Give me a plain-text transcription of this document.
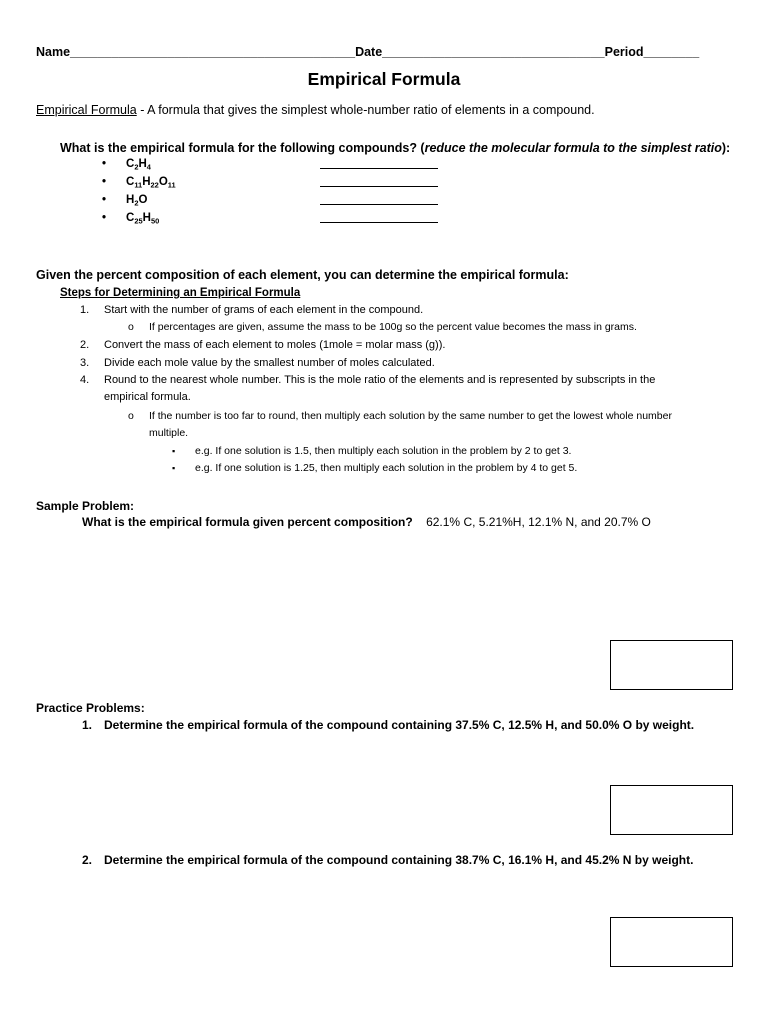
Name_________________________________________Date________________________________Period________
Empirical Formula
Empirical Formula - A formula that gives the simplest whole-number ratio of elements in a compound.
What is the empirical formula for the following compounds? (reduce the molecular formula to the simplest ratio):
• $C_2H_4$
• $C_{11}H_{22}O_{11}$
• $H_2O$
• $C_{25}H_{50}$
Given the percent composition of each element, you can determine the empirical formula:
Steps for Determining an Empirical Formula
1. Start with the number of grams of each element in the compound.
o If percentages are given, assume the mass to be 100g so the percent value becomes the mass in grams.
2. Convert the mass of each element to moles (1mole = molar mass (g)).
3. Divide each mole value by the smallest number of moles calculated.
4. Round to the nearest whole number. This is the mole ratio of the elements and is represented by subscripts in the empirical formula.
o If the number is too far to round, then multiply each solution by the same number to get the lowest whole number multiple.
▪ e.g. If one solution is 1.5, then multiply each solution in the problem by 2 to get 3.
▪ e.g. If one solution is 1.25, then multiply each solution in the problem by 4 to get 5.
Sample Problem:
What is the empirical formula given percent composition? 62.1% C, 5.21%H, 12.1% N, and 20.7% O
Practice Problems:
1. Determine the empirical formula of the compound containing 37.5% C, 12.5% H, and 50.0% O by weight.
2. Determine the empirical formula of the compound containing 38.7% C, 16.1% H, and 45.2% N by weight.
